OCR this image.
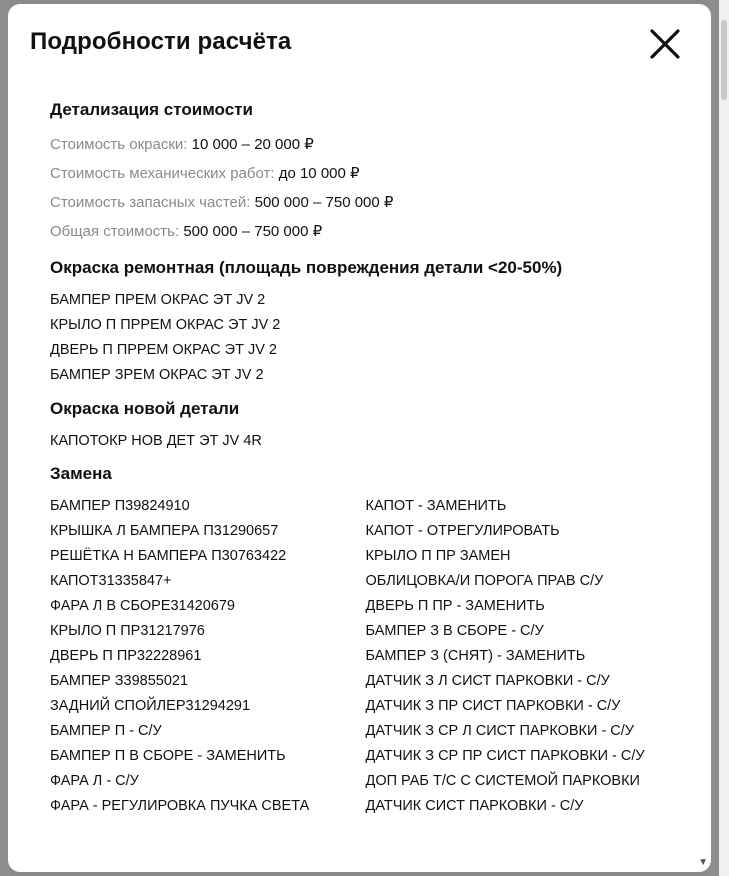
Подробности расчёта
Детализация стоимости
Стоимость окраски: 10 000 – 20 000 ₽
Стоимость механических работ: до 10 000 ₽
Стоимость запасных частей: 500 000 – 750 000 ₽
Общая стоимость: 500 000 – 750 000 ₽
Окраска ремонтная (площадь повреждения детали <20-50%)
БАМПЕР ПРЕМ ОКРАС ЭТ JV 2
КРЫЛО П ПРРЕМ ОКРАС ЭТ JV 2
ДВЕРЬ П ПРРЕМ ОКРАС ЭТ JV 2
БАМПЕР ЗРЕМ ОКРАС ЭТ JV 2
Окраска новой детали
КАПОТОКР НОВ ДЕТ ЭТ JV 4R
Замена
БАМПЕР П39824910
КРЫШКА Л БАМПЕРА П31290657
РЕШЁТКА Н БАМПЕРА П30763422
КАПОТ31335847+
ФАРА Л В СБОРЕ31420679
КРЫЛО П ПР31217976
ДВЕРЬ П ПР32228961
БАМПЕР З39855021
ЗАДНИЙ СПОЙЛЕР31294291
БАМПЕР П - С/У
БАМПЕР П В СБОРЕ - ЗАМЕНИТЬ
ФАРА Л - С/У
ФАРА - РЕГУЛИРОВКА ПУЧКА СВЕТА
КАПОТ - ЗАМЕНИТЬ
КАПОТ - ОТРЕГУЛИРОВАТЬ
КРЫЛО П ПР ЗАМЕН
ОБЛИЦОВКА/И ПОРОГА ПРАВ С/У
ДВЕРЬ П ПР - ЗАМЕНИТЬ
БАМПЕР З В СБОРЕ - С/У
БАМПЕР З (СНЯТ) - ЗАМЕНИТЬ
ДАТЧИК З Л СИСТ ПАРКОВКИ - С/У
ДАТЧИК З ПР СИСТ ПАРКОВКИ - С/У
ДАТЧИК З СР Л СИСТ ПАРКОВКИ - С/У
ДАТЧИК З СР ПР СИСТ ПАРКОВКИ - С/У
ДОП РАБ Т/С С СИСТЕМОЙ ПАРКОВКИ
ДАТЧИК СИСТ ПАРКОВКИ - С/У
▼
